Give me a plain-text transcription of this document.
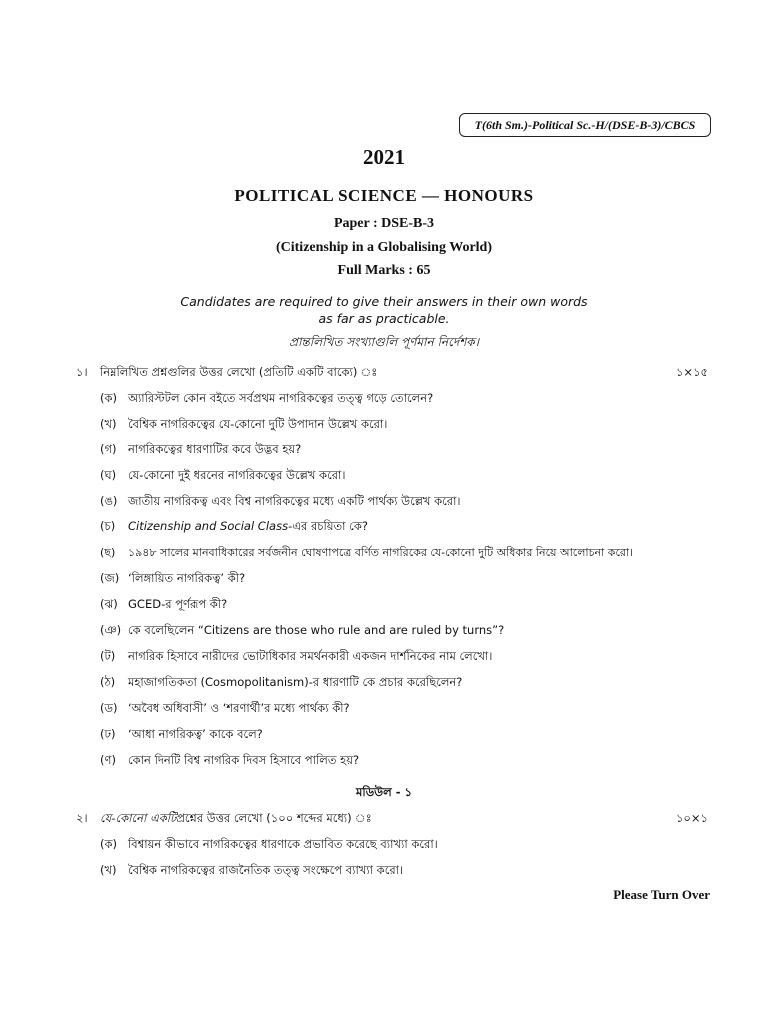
T(6th Sm.)-Political Sc.-H/(DSE-B-3)/CBCS
2021
POLITICAL SCIENCE — HONOURS
Paper : DSE-B-3
(Citizenship in a Globalising World)
Full Marks : 65
Candidates are required to give their answers in their own words
as far as practicable.
প্রান্তলিখিত সংখ্যাগুলি পূর্ণমান নির্দেশক।
১। নিম্নলিখিত প্রশ্নগুলির উত্তর লেখো (প্রতিটি একটি বাক্যে) ঃ	১×১৫
(ক) অ্যারিস্টটল কোন বইতে সর্বপ্রথম নাগরিকত্বের তত্ত্ব গড়ে তোলেন?
(খ) বৈশ্বিক নাগরিকত্বের যে-কোনো দুটি উপাদান উল্লেখ করো।
(গ) নাগরিকত্বের ধারণাটির কবে উদ্ভব হয়?
(ঘ) যে-কোনো দুই ধরনের নাগরিকত্বের উল্লেখ করো।
(ঙ) জাতীয় নাগরিকত্ব এবং বিশ্ব নাগরিকত্বের মধ্যে একটি পার্থক্য উল্লেখ করো।
(চ) Citizenship and Social Class-এর রচয়িতা কে?
(ছ) ১৯৪৮ সালের মানবাধিকারের সর্বজনীন ঘোষণাপত্রে বর্ণিত নাগরিকের যে-কোনো দুটি অধিকার নিয়ে আলোচনা করো।
(জ) ‘লিঙ্গায়িত নাগরিকত্ব’ কী?
(ঝ) GCED-র পূর্ণরূপ কী?
(ঞ) কে বলেছিলেন “Citizens are those who rule and are ruled by turns”?
(ট) নাগরিক হিসাবে নারীদের ভোটাধিকার সমর্থনকারী একজন দার্শনিকের নাম লেখো।
(ঠ) মহাজাগতিকতা (Cosmopolitanism)-র ধারণাটি কে প্রচার করেছিলেন?
(ড) ‘অবৈধ অধিবাসী’ ও ‘শরণার্থী’র মধ্যে পার্থক্য কী?
(ঢ) ‘আধা নাগরিকত্ব’ কাকে বলে?
(ণ) কোন দিনটি বিশ্ব নাগরিক দিবস হিসাবে পালিত হয়?
মডিউল - ১
২। যে-কোনো একটিপ্রশ্নের উত্তর লেখো (১০০ শব্দের মধ্যে) ঃ	১০×১
(ক) বিশ্বায়ন কীভাবে নাগরিকত্বের ধারণাকে প্রভাবিত করেছে ব্যাখ্যা করো।
(খ) বৈশ্বিক নাগরিকত্বের রাজনৈতিক তত্ত্ব সংক্ষেপে ব্যাখ্যা করো।
Please Turn Over
